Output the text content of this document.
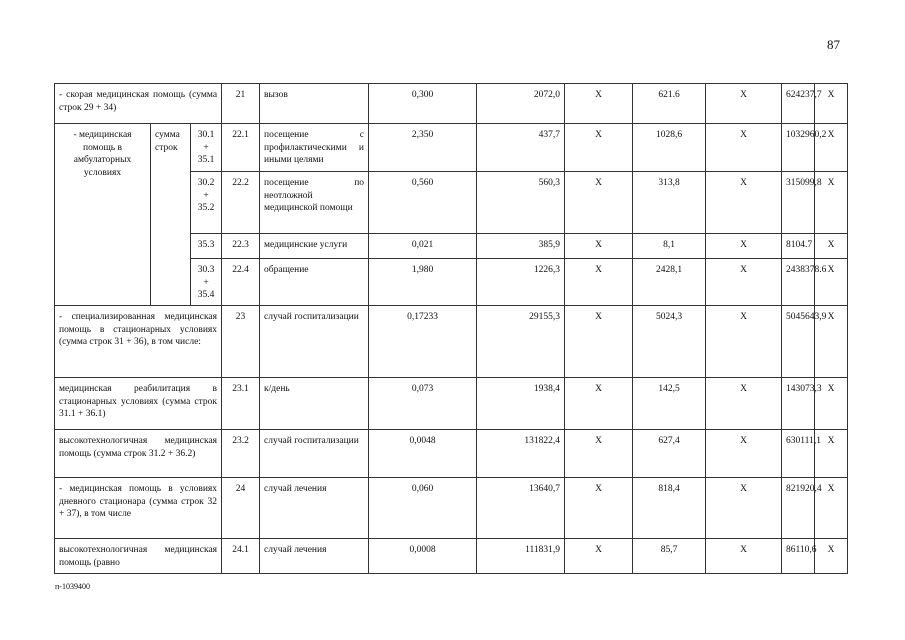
87
- скорая медицинская помощь (сумма строк 29 + 34)			21	вызов	0,300	2072,0	X	621.6	X	624237,7	X
- медицинская помощь в амбулаторных условиях	сумма строк	30.1 + 35.1	22.1	посещение с профилактическими и иными целями	2,350	437,7	X	1028,6	X	1032960,2	X
		30.2 + 35.2	22.2	посещение по неотложной медицинской помощи	0,560	560,3	X	313,8	X	315099,8	X
		35.3	22.3	медицинские услуги	0,021	385,9	X	8,1	X	8104.7	X
		30.3 + 35.4	22.4	обращение	1,980	1226,3	X	2428,1	X	2438378.6	X
- специализированная медицинская помощь в стационарных условиях (сумма строк 31 + 36), в том числе:			23	случай госпитализации	0,17233	29155,3	X	5024,3	X	5045643,9	X
медицинская реабилитация в стационарных условиях (сумма строк 31.1 + 36.1)			23.1	к/день	0,073	1938,4	X	142,5	X	143073,3	X
высокотехнологичная медицинская помощь (сумма строк 31.2 + 36.2)			23.2	случай госпитализации	0,0048	131822,4	X	627,4	X	630111,1	X
- медицинская помощь в условиях дневного стационара (сумма строк 32 + 37), в том числе			24	случай лечения	0,060	13640,7	X	818,4	X	821920,4	X
высокотехнологичная медицинская помощь (равно			24.1	случай лечения	0,0008	111831,9	X	85,7	X	86110,6	X
п-1039400
